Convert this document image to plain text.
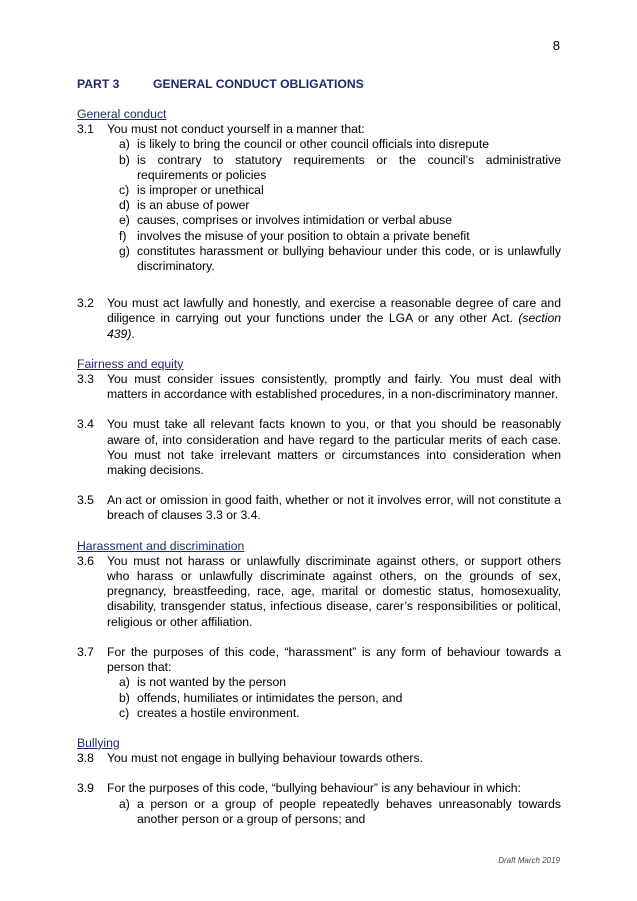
8
PART 3	GENERAL CONDUCT OBLIGATIONS
General conduct
3.1 You must not conduct yourself in a manner that:
a) is likely to bring the council or other council officials into disrepute
b) is contrary to statutory requirements or the council’s administrative requirements or policies
c) is improper or unethical
d) is an abuse of power
e) causes, comprises or involves intimidation or verbal abuse
f) involves the misuse of your position to obtain a private benefit
g) constitutes harassment or bullying behaviour under this code, or is unlawfully discriminatory.
3.2 You must act lawfully and honestly, and exercise a reasonable degree of care and diligence in carrying out your functions under the LGA or any other Act. (section 439).
Fairness and equity
3.3 You must consider issues consistently, promptly and fairly. You must deal with matters in accordance with established procedures, in a non-discriminatory manner.
3.4 You must take all relevant facts known to you, or that you should be reasonably aware of, into consideration and have regard to the particular merits of each case. You must not take irrelevant matters or circumstances into consideration when making decisions.
3.5 An act or omission in good faith, whether or not it involves error, will not constitute a breach of clauses 3.3 or 3.4.
Harassment and discrimination
3.6 You must not harass or unlawfully discriminate against others, or support others who harass or unlawfully discriminate against others, on the grounds of sex, pregnancy, breastfeeding, race, age, marital or domestic status, homosexuality, disability, transgender status, infectious disease, carer’s responsibilities or political, religious or other affiliation.
3.7 For the purposes of this code, “harassment” is any form of behaviour towards a person that:
a) is not wanted by the person
b) offends, humiliates or intimidates the person, and
c) creates a hostile environment.
Bullying
3.8 You must not engage in bullying behaviour towards others.
3.9 For the purposes of this code, “bullying behaviour” is any behaviour in which:
a) a person or a group of people repeatedly behaves unreasonably towards another person or a group of persons; and
Draft March 2019
